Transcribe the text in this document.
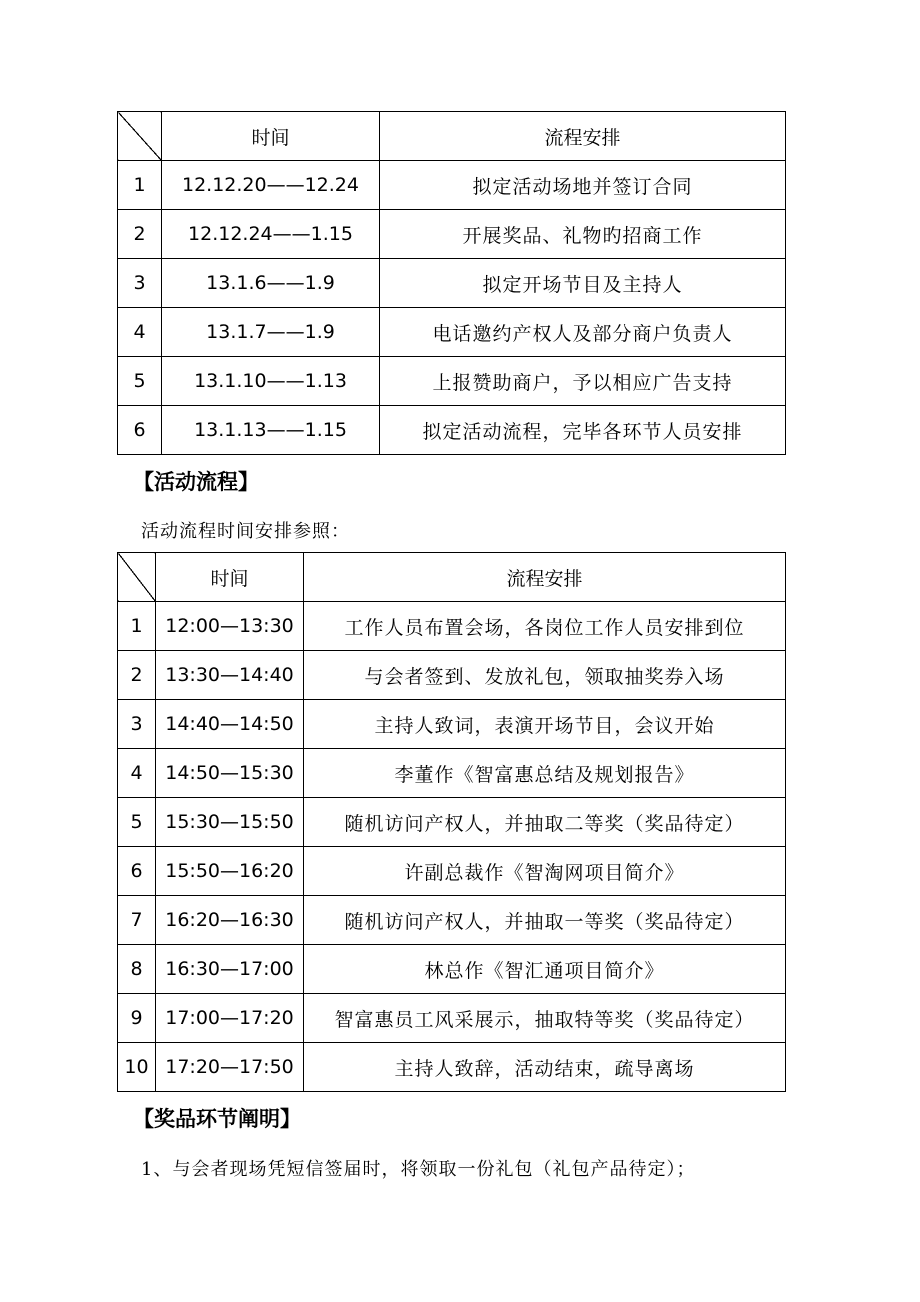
	时间	流程安排
1	12.12.20——12.24	拟定活动场地并签订合同
2	12.12.24——1.15	开展奖品、礼物旳招商工作
3	13.1.6——1.9	拟定开场节目及主持人
4	13.1.7——1.9	电话邀约产权人及部分商户负责人
5	13.1.10——1.13	上报赞助商户，予以相应广告支持
6	13.1.13——1.15	拟定活动流程，完毕各环节人员安排
【活动流程】
活动流程时间安排参照：
	时间	流程安排
1	12:00—13:30	工作人员布置会场，各岗位工作人员安排到位
2	13:30—14:40	与会者签到、发放礼包，领取抽奖券入场
3	14:40—14:50	主持人致词，表演开场节目，会议开始
4	14:50—15:30	李董作《智富惠总结及规划报告》
5	15:30—15:50	随机访问产权人，并抽取二等奖（奖品待定）
6	15:50—16:20	许副总裁作《智淘网项目简介》
7	16:20—16:30	随机访问产权人，并抽取一等奖（奖品待定）
8	16:30—17:00	林总作《智汇通项目简介》
9	17:00—17:20	智富惠员工风采展示，抽取特等奖（奖品待定）
10	17:20—17:50	主持人致辞，活动结束，疏导离场
【奖品环节阐明】
1、与会者现场凭短信签届时，将领取一份礼包（礼包产品待定）；
